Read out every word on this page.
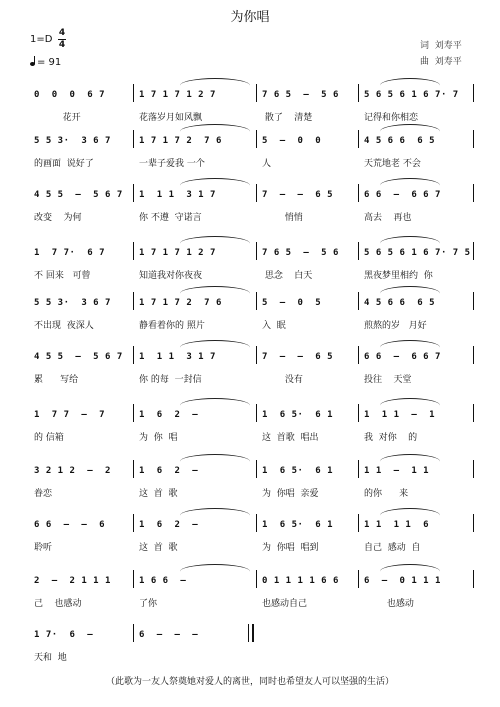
为你唱
1=D
4
4
= 91
词 刘寿平
曲 刘寿平
0  0  0  6 7	1 7 1 7 1 2 7	7 6 5  –  5 6	5 6 5 6 1 6 7· 7
花开	花落岁月如风飘	散了    清楚	记得和你相恋
5 5 3·  3 6 7	1 7 1 7 2  7 6	5  –  0  0	4 5 6 6  6 5
的画面  说好了	一辈子爱我 一个	人	天荒地老 不会
4 5 5  –  5 6 7 1  1 1  3 1 7	7  –  –  6 5	6 6  –  6 6 7
改变    为何	你 不遵  守诺言	悄悄	高去    再也
1  7 7·  6 7	1 7 1 7 1 2 7	7 6 5  –  5 6	5 6 5 6 1 6 7· 7 5
不 回来   可曾	知道我对你夜夜	思念    白天	黑夜梦里相约  你
5 5 3·  3 6 7	1 7 1 7 2  7 6	5  –  0  5	4 5 6 6  6 5
不出现  夜深人	静看着你的 照片	入  眠	煎熬的岁   月好
4 5 5  –  5 6 7 1  1 1  3 1 7	7  –  –  6 5	6 6  –  6 6 7
累      写给	你 的每  一封信	没有	投往    天堂
1  7 7  –  7	1  6  2  –	1  6 5·  6 1	1  1 1  –  1
的 信箱	为  你  唱	这  首歌  唱出	我  对你    的
3 2 1 2  –  2	1  6  2  –	1  6 5·  6 1	1 1  –  1 1
眷恋	这  首  歌	为  你唱  亲爱	的你      来
6 6  –  –  6	1  6  2  –	1  6 5·  6 1	1 1  1 1  6
聆听	这  首  歌	为  你唱  唱到	自己  感动  自
2  –  2 1 1 1	1 6 6  –	0 1 1 1 1 6 6	6  –  0 1 1 1
己    也感动	了你	也感动自己	也感动
1 7·  6  –	6  –  –  –
天和  地
（此歌为一友人祭奠她对爱人的离世，同时也希望友人可以坚强的生活）
